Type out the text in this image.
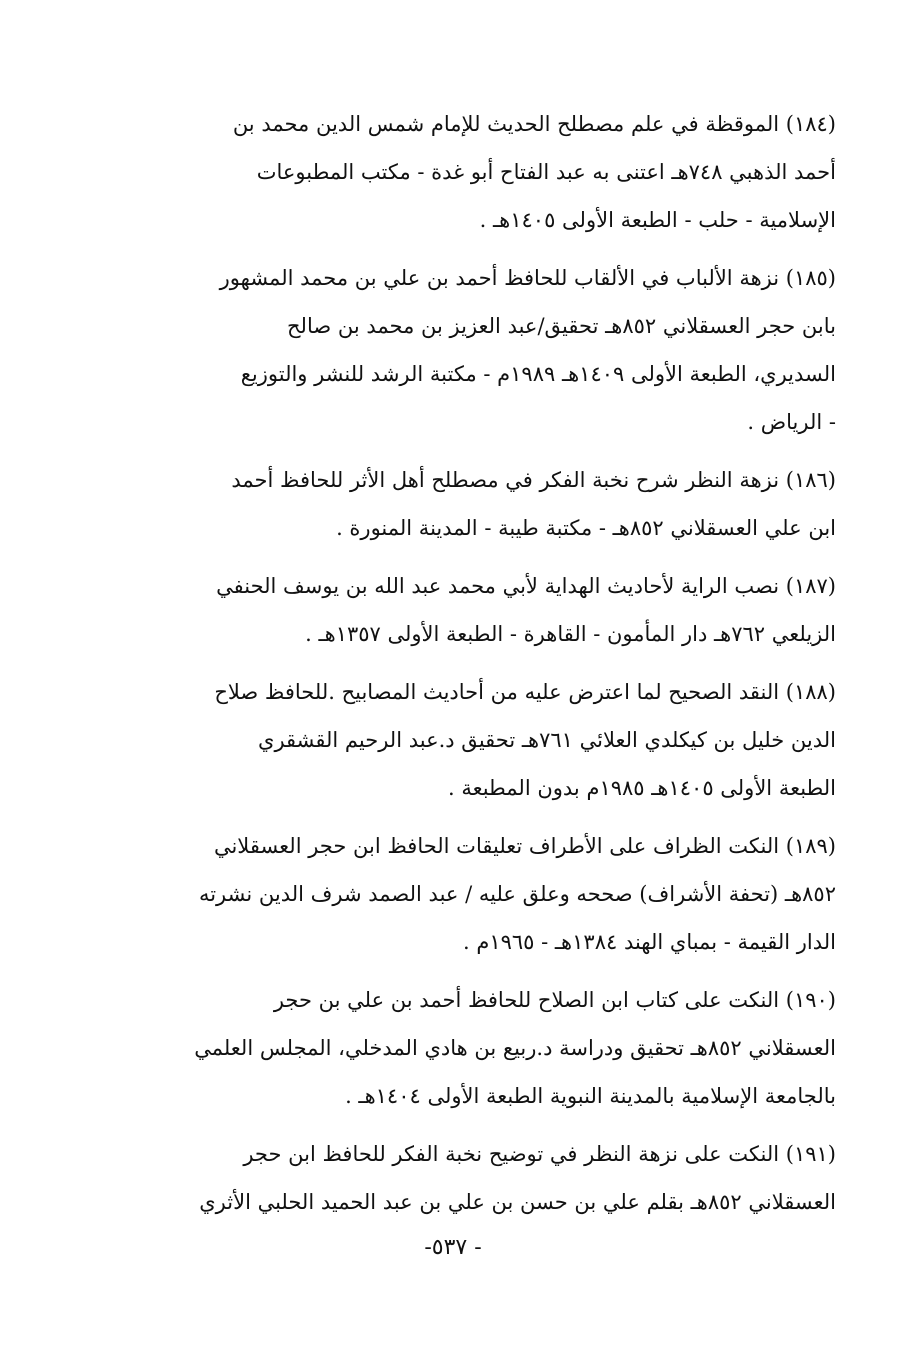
(١٨٤) الموقظة في علم مصطلح الحديث للإمام شمس الدين محمد بن
أحمد الذهبي ٧٤٨هـ اعتنى به عبد الفتاح أبو غدة - مكتب المطبوعات
الإسلامية - حلب - الطبعة الأولى ١٤٠٥هـ .
(١٨٥) نزهة الألباب في الألقاب للحافظ أحمد بن علي بن محمد المشهور
بابن حجر العسقلاني ٨٥٢هـ تحقيق/عبد العزيز بن محمد بن صالح
السديري، الطبعة الأولى ١٤٠٩هـ ١٩٨٩م - مكتبة الرشد للنشر والتوزيع
- الرياض .
(١٨٦) نزهة النظر شرح نخبة الفكر في مصطلح أهل الأثر للحافظ أحمد
ابن علي العسقلاني ٨٥٢هـ - مكتبة طيبة - المدينة المنورة .
(١٨٧) نصب الراية لأحاديث الهداية لأبي محمد عبد الله بن يوسف الحنفي
الزيلعي ٧٦٢هـ دار المأمون - القاهرة - الطبعة الأولى ١٣٥٧هـ .
(١٨٨) النقد الصحيح لما اعترض عليه من أحاديث المصابيح .للحافظ صلاح
الدين خليل بن كيكلدي العلائي ٧٦١هـ تحقيق د.عبد الرحيم القشقري
الطبعة الأولى ١٤٠٥هـ ١٩٨٥م بدون المطبعة .
(١٨٩) النكت الظراف على الأطراف تعليقات الحافظ ابن حجر العسقلاني
٨٥٢هـ (تحفة الأشراف) صححه وعلق عليه / عبد الصمد شرف الدين نشرته
الدار القيمة - بمباي الهند ١٣٨٤هـ - ١٩٦٥م .
(١٩٠) النكت على كتاب ابن الصلاح للحافظ أحمد بن علي بن حجر
العسقلاني ٨٥٢هـ تحقيق ودراسة د.ربيع بن هادي المدخلي، المجلس العلمي
بالجامعة الإسلامية بالمدينة النبوية الطبعة الأولى ١٤٠٤هـ .
(١٩١) النكت على نزهة النظر في توضيح نخبة الفكر للحافظ ابن حجر
العسقلاني ٨٥٢هـ بقلم علي بن حسن بن علي بن عبد الحميد الحلبي الأثري
- ٥٣٧-
